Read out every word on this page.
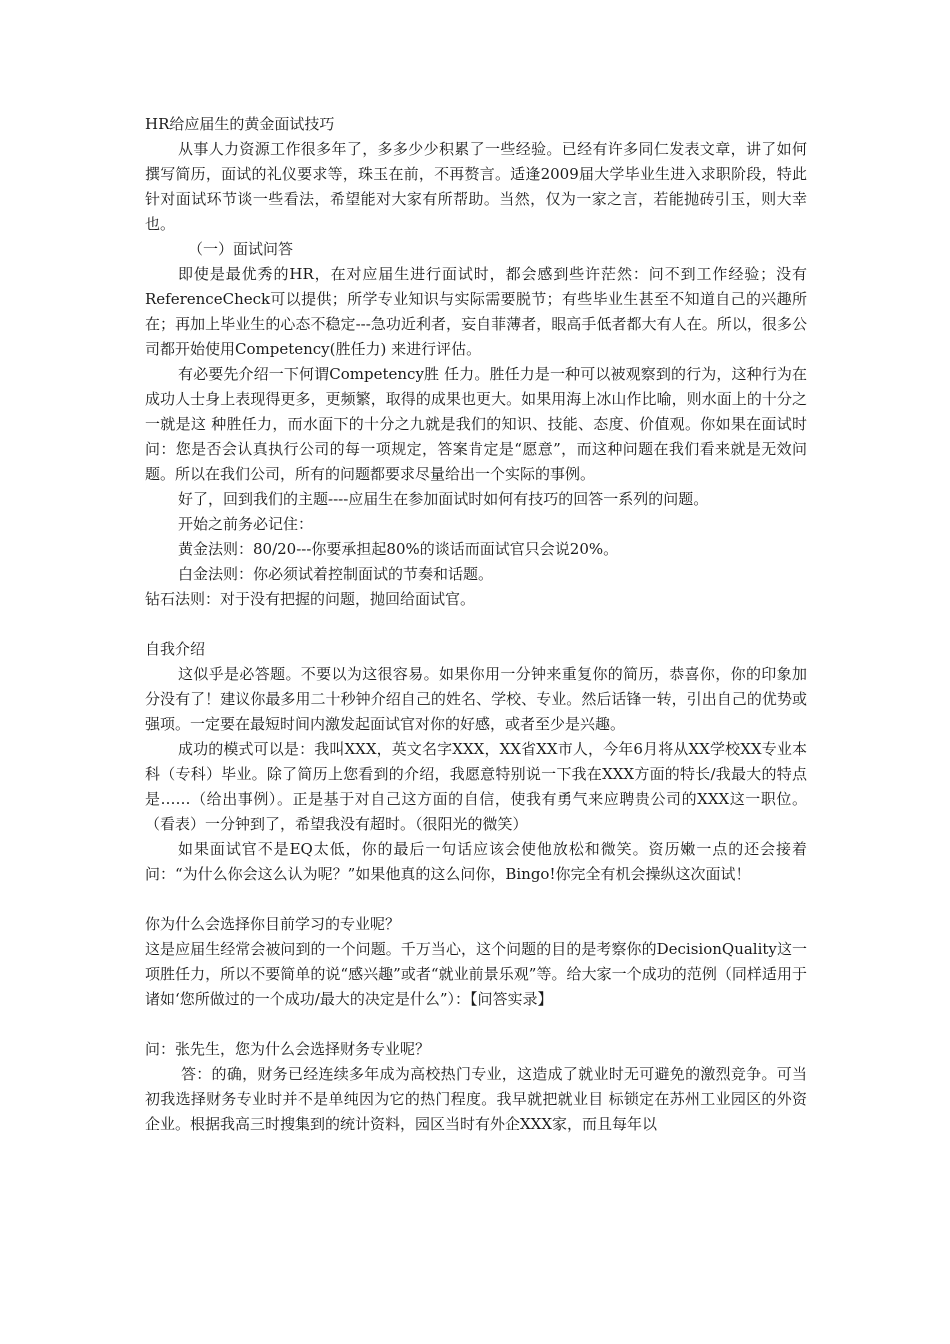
HR给应届生的黄金面试技巧

从事人力资源工作很多年了，多多少少积累了一些经验。已经有许多同仁发表文章，讲了如何撰写简历，面试的礼仪要求等，珠玉在前，不再赘言。适逢2009届大学毕业生进入求职阶段，特此针对面试环节谈一些看法，希望能对大家有所帮助。当然，仅为一家之言，若能抛砖引玉，则大幸也。

（一）面试问答

即使是最优秀的HR，在对应届生进行面试时，都会感到些许茫然：问不到工作经验；没有ReferenceCheck可以提供；所学专业知识与实际需要脱节；有些毕业生甚至不知道自己的兴趣所在；再加上毕业生的心态不稳定---急功近利者，妄自菲薄者，眼高手低者都大有人在。所以，很多公司都开始使用Competency(胜任力) 来进行评估。

有必要先介绍一下何谓Competency胜 任力。胜任力是一种可以被观察到的行为，这种行为在成功人士身上表现得更多，更频繁，取得的成果也更大。如果用海上冰山作比喻，则水面上的十分之一就是这 种胜任力，而水面下的十分之九就是我们的知识、技能、态度、价值观。你如果在面试时问：您是否会认真执行公司的每一项规定，答案肯定是“愿意”，而这种问题在我们看来就是无效问题。所以在我们公司，所有的问题都要求尽量给出一个实际的事例。

好了，回到我们的主题----应届生在参加面试时如何有技巧的回答一系列的问题。

开始之前务必记住：

黄金法则：80/20---你要承担起80%的谈话而面试官只会说20%。

白金法则：你必须试着控制面试的节奏和话题。

钻石法则：对于没有把握的问题，抛回给面试官。

自我介绍

这似乎是必答题。不要以为这很容易。如果你用一分钟来重复你的简历，恭喜你，你的印象加分没有了！建议你最多用二十秒钟介绍自己的姓名、学校、专业。然后话锋一转，引出自己的优势或强项。一定要在最短时间内激发起面试官对你的好感，或者至少是兴趣。

成功的模式可以是：我叫XXX，英文名字XXX，XX省XX市人，今年6月将从XX学校XX专业本科（专科）毕业。除了简历上您看到的介绍，我愿意特别说一下我在XXX方面的特长/我最大的特点是……（给出事例）。正是基于对自己这方面的自信，使我有勇气来应聘贵公司的XXX这一职位。（看表）一分钟到了，希望我没有超时。（很阳光的微笑）

如果面试官不是EQ太低，你的最后一句话应该会使他放松和微笑。资历嫩一点的还会接着问：“为什么你会这么认为呢？”如果他真的这么问你，Bingo!你完全有机会操纵这次面试！

你为什么会选择你目前学习的专业呢？

这是应届生经常会被问到的一个问题。千万当心，这个问题的目的是考察你的DecisionQuality这一项胜任力，所以不要简单的说“感兴趣”或者“就业前景乐观”等。给大家一个成功的范例（同样适用于诸如‘您所做过的一个成功/最大的决定是什么”）：【问答实录】

问：张先生，您为什么会选择财务专业呢？

答：的确，财务已经连续多年成为高校热门专业，这造成了就业时无可避免的激烈竞争。可当初我选择财务专业时并不是单纯因为它的热门程度。我早就把就业目 标锁定在苏州工业园区的外资企业。根据我高三时搜集到的统计资料，园区当时有外企XXX家，而且每年以
